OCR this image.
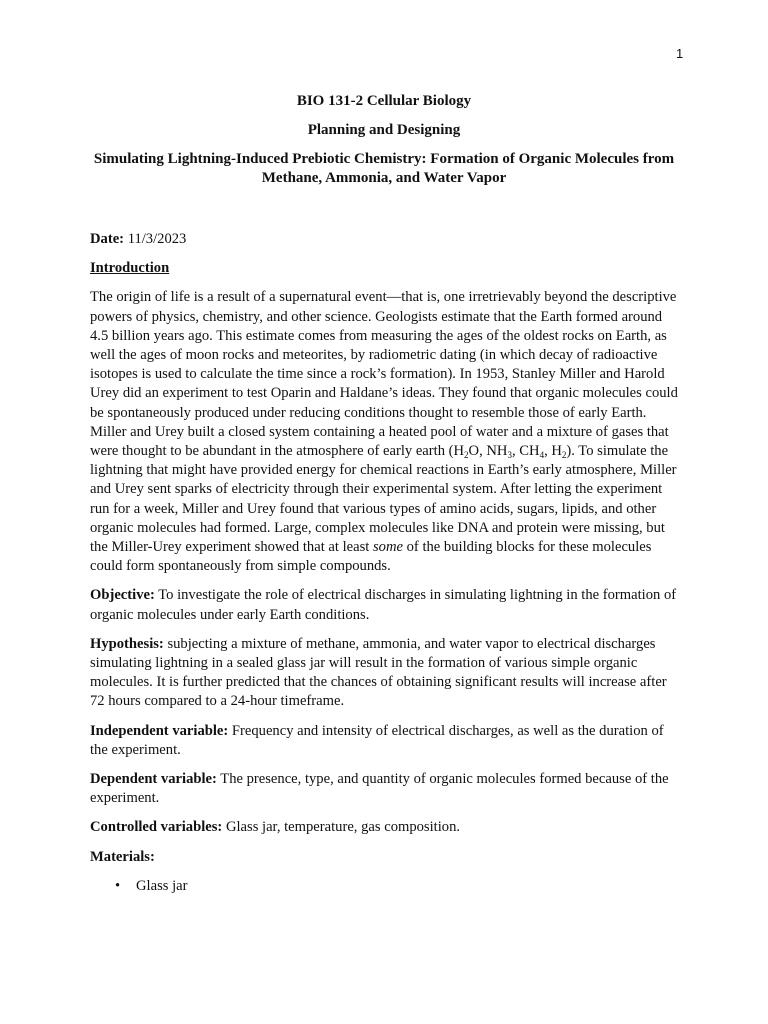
1

BIO 131-2 Cellular Biology

Planning and Designing

Simulating Lightning-Induced Prebiotic Chemistry: Formation of Organic Molecules from Methane, Ammonia, and Water Vapor

Date: 11/3/2023

Introduction

The origin of life is a result of a supernatural event—that is, one irretrievably beyond the descriptive powers of physics, chemistry, and other science. Geologists estimate that the Earth formed around 4.5 billion years ago. This estimate comes from measuring the ages of the oldest rocks on Earth, as well the ages of moon rocks and meteorites, by radiometric dating (in which decay of radioactive isotopes is used to calculate the time since a rock’s formation). In 1953, Stanley Miller and Harold Urey did an experiment to test Oparin and Haldane’s ideas. They found that organic molecules could be spontaneously produced under reducing conditions thought to resemble those of early Earth. Miller and Urey built a closed system containing a heated pool of water and a mixture of gases that were thought to be abundant in the atmosphere of early earth ($H_2O$, $NH_3$, $CH_4$, $H_2$). To simulate the lightning that might have provided energy for chemical reactions in Earth’s early atmosphere, Miller and Urey sent sparks of electricity through their experimental system. After letting the experiment run for a week, Miller and Urey found that various types of amino acids, sugars, lipids, and other organic molecules had formed. Large, complex molecules like DNA and protein were missing, but the Miller-Urey experiment showed that at least some of the building blocks for these molecules could form spontaneously from simple compounds.

Objective: To investigate the role of electrical discharges in simulating lightning in the formation of organic molecules under early Earth conditions.

Hypothesis: subjecting a mixture of methane, ammonia, and water vapor to electrical discharges simulating lightning in a sealed glass jar will result in the formation of various simple organic molecules. It is further predicted that the chances of obtaining significant results will increase after 72 hours compared to a 24-hour timeframe.

Independent variable: Frequency and intensity of electrical discharges, as well as the duration of the experiment.

Dependent variable: The presence, type, and quantity of organic molecules formed because of the experiment.

Controlled variables: Glass jar, temperature, gas composition.

Materials:

• Glass jar
